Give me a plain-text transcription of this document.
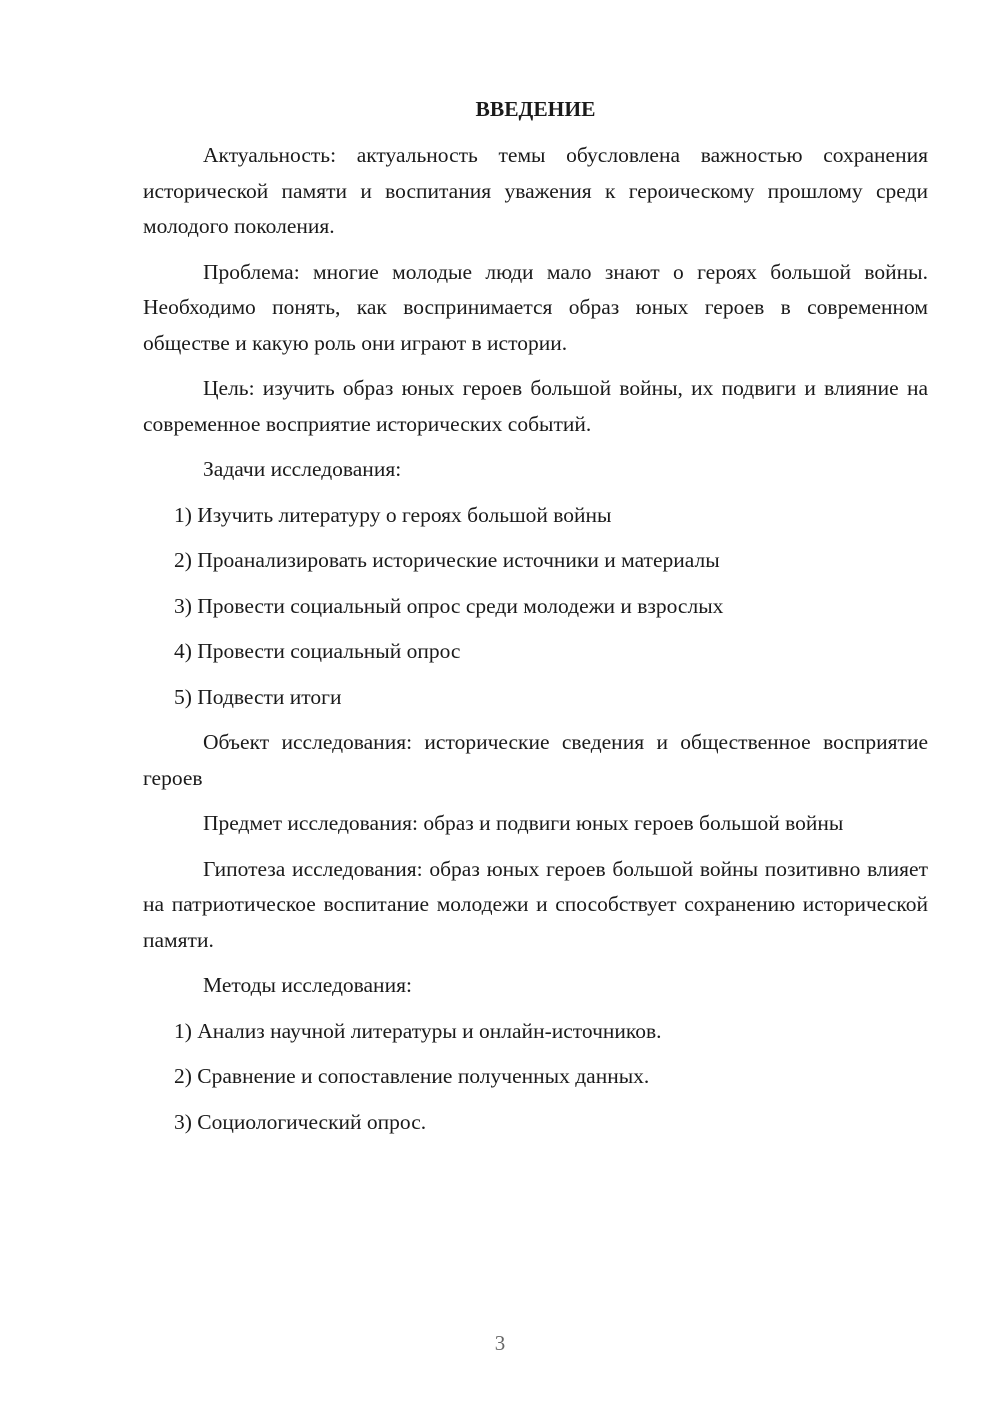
ВВЕДЕНИЕ
Актуальность: актуальность темы обусловлена важностью сохранения исторической памяти и воспитания уважения к героическому прошлому среди молодого поколения.
Проблема: многие молодые люди мало знают о героях большой войны. Необходимо понять, как воспринимается образ юных героев в современном обществе и какую роль они играют в истории.
Цель: изучить образ юных героев большой войны, их подвиги и влияние на современное восприятие исторических событий.
Задачи исследования:
1) Изучить литературу о героях большой войны
2) Проанализировать исторические источники и материалы
3) Провести социальный опрос среди молодежи и взрослых
4) Провести социальный опрос
5) Подвести итоги
Объект исследования: исторические сведения и общественное восприятие героев
Предмет исследования: образ и подвиги юных героев большой войны
Гипотеза исследования: образ юных героев большой войны позитивно влияет на патриотическое воспитание молодежи и способствует сохранению исторической памяти.
Методы исследования:
1) Анализ научной литературы и онлайн-источников.
2) Сравнение и сопоставление полученных данных.
3) Социологический опрос.
3
